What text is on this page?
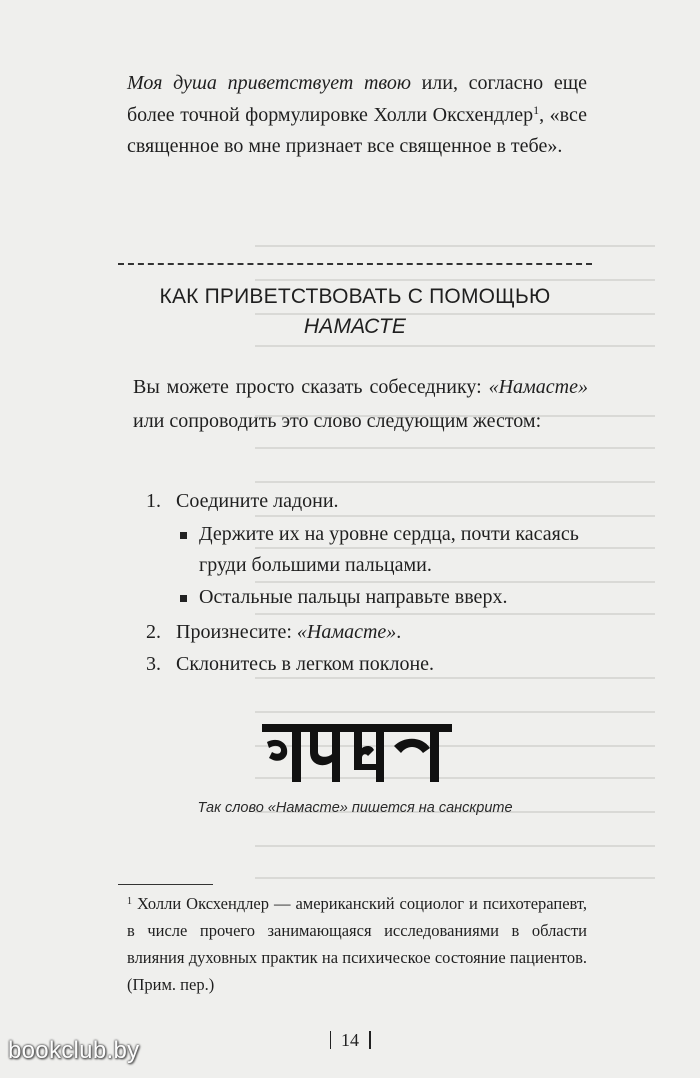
Моя душа приветствует твою или, согласно еще более точной формулировке Холли Оксхендлер$^1$, «все священное во мне признает все священное в тебе».

КАК ПРИВЕТСТВОВАТЬ С ПОМОЩЬЮ
НАМАСТЕ

Вы можете просто сказать собеседнику: «Намасте» или сопроводить это слово следующим жестом:

1. Соедините ладони.
Держите их на уровне сердца, почти касаясь груди большими пальцами.
Остальные пальцы направьте вверх.
2. Произнесите: «Намасте».
3. Склонитесь в легком поклоне.
Так слово «Намасте» пишется на санскрите

$^1$ Холли Оксхендлер — американский социолог и психотерапевт, в числе прочего занимающаяся исследованиями в области влияния духовных практик на психическое состояние пациентов. (Прим. пер.)

14
bookclub.by
